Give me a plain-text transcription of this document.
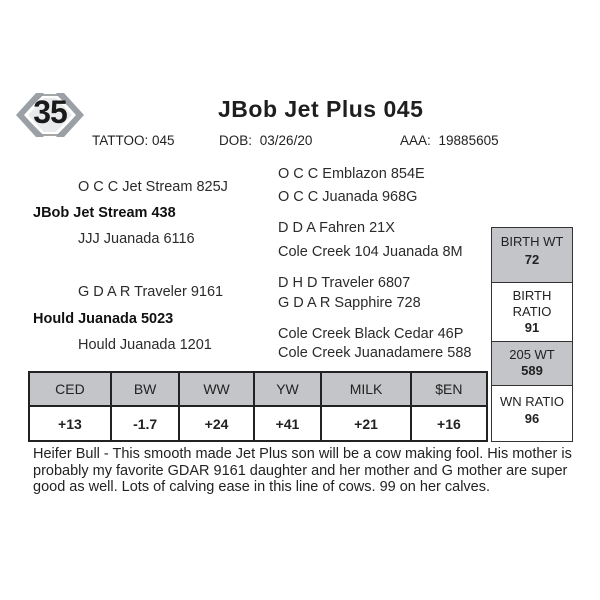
35	JBob Jet Plus 045
TATTOO: 045	DOB: 03/26/20	AAA: 19885605
O C C Jet Stream 825J
JBob Jet Stream 438
JJJ Juanada 6116
G D A R Traveler 9161
Hould Juanada 5023
Hould Juanada 1201
O C C Emblazon 854E
O C C Juanada 968G
D D A Fahren 21X
Cole Creek 104 Juanada 8M
D H D Traveler 6807
G D A R Sapphire 728
Cole Creek Black Cedar 46P
Cole Creek Juanadamere 588
BIRTH WT
72
BIRTH
RATIO
91
205 WT
589
WN RATIO
96
CED	BW	WW	YW	MILK	$EN
+13	-1.7	+24	+41	+21	+16
Heifer Bull - This smooth made Jet Plus son will be a cow making fool. His mother is probably my favorite GDAR 9161 daughter and her mother and G mother are super good as well. Lots of calving ease in this line of cows. 99 on her calves.
